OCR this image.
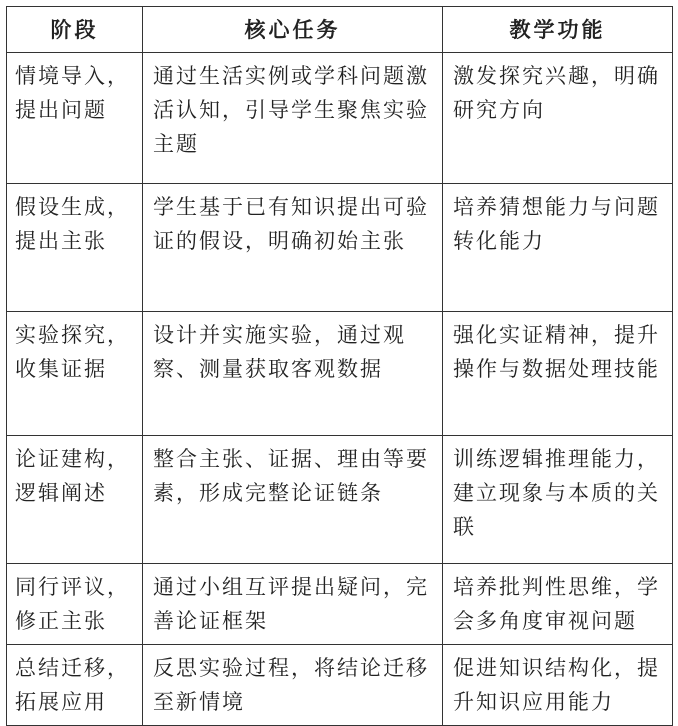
阶段	核心任务	教学功能
情境导入，提出问题	通过生活实例或学科问题激活认知，引导学生聚焦实验主题	激发探究兴趣，明确研究方向
假设生成，提出主张	学生基于已有知识提出可验证的假设，明确初始主张	培养猜想能力与问题转化能力
实验探究，收集证据	设计并实施实验，通过观察、测量获取客观数据	强化实证精神，提升操作与数据处理技能
论证建构，逻辑阐述	整合主张、证据、理由等要素，形成完整论证链条	训练逻辑推理能力，建立现象与本质的关联
同行评议，修正主张	通过小组互评提出疑问，完善论证框架	培养批判性思维，学会多角度审视问题
总结迁移，拓展应用	反思实验过程，将结论迁移至新情境	促进知识结构化，提升知识应用能力
